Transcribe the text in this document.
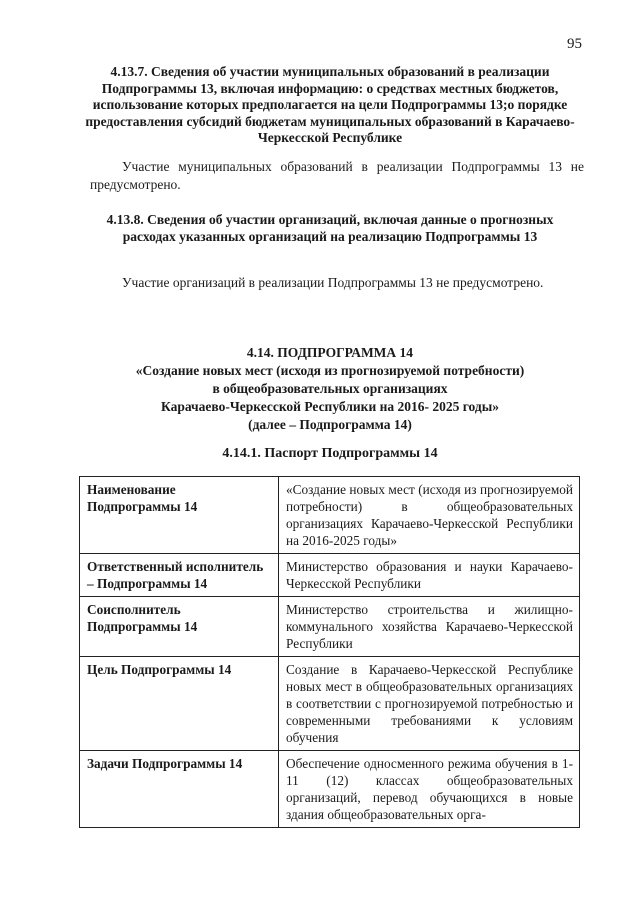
95
4.13.7. Сведения об участии муниципальных образований в реализации Подпрограммы 13, включая информацию: о средствах местных бюджетов, использование которых предполагается на цели Подпрограммы 13;о порядке предоставления субсидий бюджетам муниципальных образований в Карачаево-Черкесской Республике
Участие муниципальных образований в реализации Подпрограммы 13 не предусмотрено.
4.13.8. Сведения об участии организаций, включая данные о прогнозных расходах указанных организаций на реализацию Подпрограммы 13
Участие организаций в реализации Подпрограммы 13 не предусмотрено.
4.14. ПОДПРОГРАММА 14
«Создание новых мест (исходя из прогнозируемой потребности)
в общеобразовательных организациях
Карачаево-Черкесской Республики на 2016- 2025 годы»
(далее – Подпрограмма 14)
4.14.1. Паспорт Подпрограммы 14
Наименование Подпрограммы 14	«Создание новых мест (исходя из прогнозируемой потребности) в общеобразовательных организациях Карачаево-Черкесской Республики на 2016-2025 годы»
Ответственный исполнитель – Подпрограммы 14	Министерство образования и науки Карачаево-Черкесской Республики
Соисполнитель Подпрограммы 14	Министерство строительства и жилищно-коммунального хозяйства Карачаево-Черкесской Республики
Цель Подпрограммы 14	Создание в Карачаево-Черкесской Республике новых мест в общеобразовательных организациях в соответствии с прогнозируемой потребностью и современными требованиями к условиям обучения
Задачи Подпрограммы 14	Обеспечение односменного режима обучения в 1-11 (12) классах общеобразовательных организаций, перевод обучающихся в новые здания общеобразовательных орга-
